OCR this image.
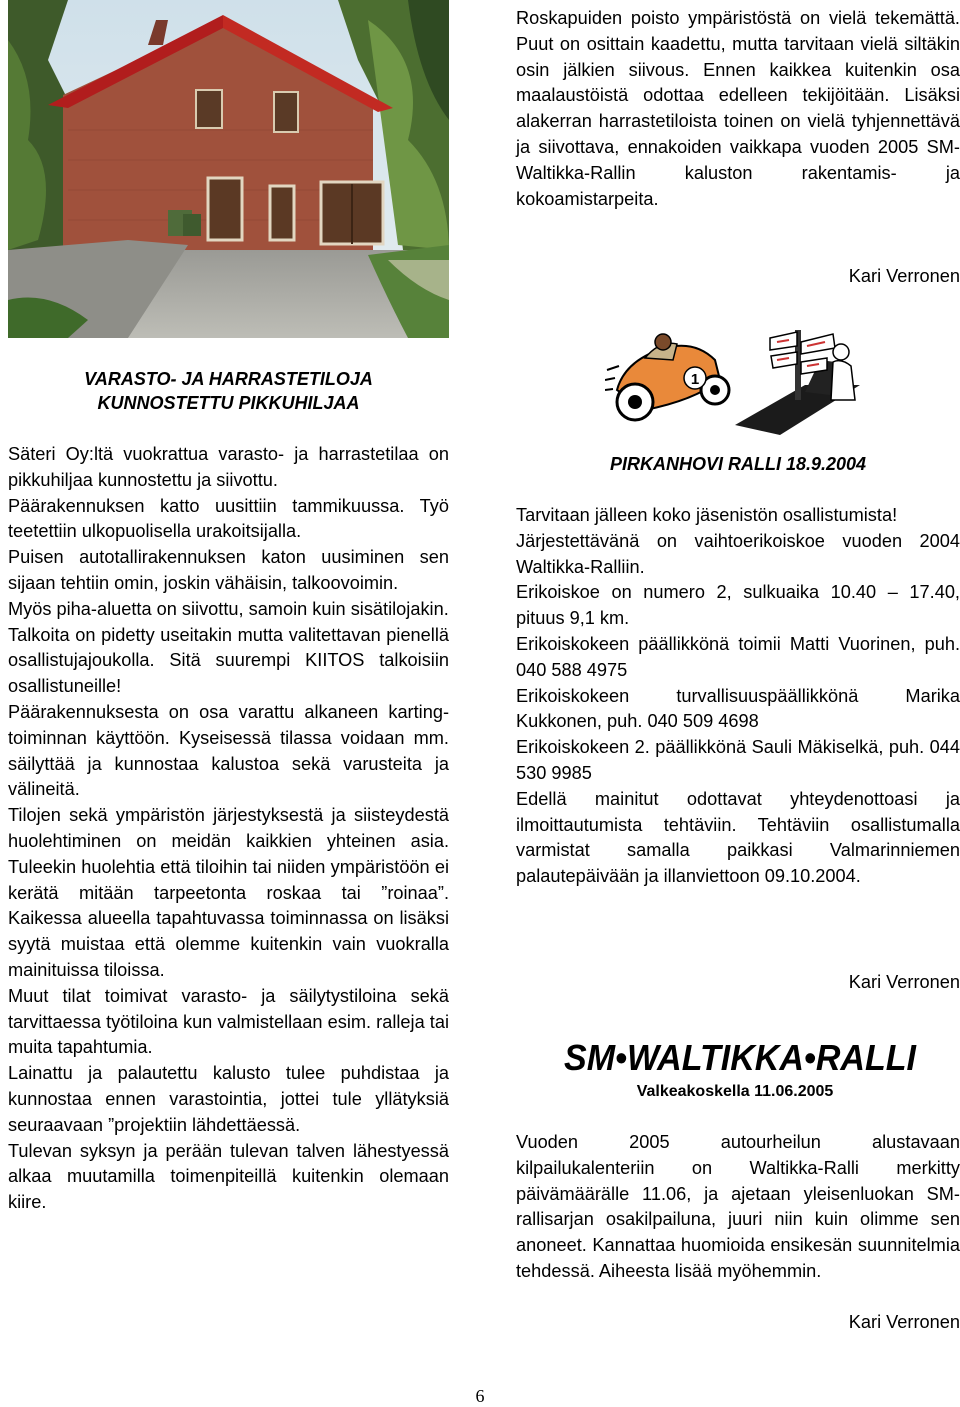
Roskapuiden poisto ympäristöstä on vielä tekemättä. Puut on osittain kaadettu, mutta tarvitaan vielä siltäkin osin jälkien siivous. Ennen kaikkea kuitenkin osa maalaustöistä odottaa edelleen tekijöitään. Lisäksi alakerran harrastetiloista toinen on vielä tyhjennettävä ja siivottava, ennakoiden vaikkapa vuoden 2005 SM-Waltikka-Rallin kaluston rakentamis- ja kokoamistarpeita.

Kari Verronen
VARASTO- JA HARRASTETILOJA
KUNNOSTETTU PIKKUHILJAA

Säteri Oy:ltä vuokrattua varasto- ja harrastetilaa on pikkuhiljaa kunnostettu ja siivottu.

Päärakennuksen katto uusittiin tammikuussa. Työ teetettiin ulkopuolisella urakoitsijalla.

Puisen autotallirakennuksen katon uusiminen sen sijaan tehtiin omin, joskin vähäisin, talkoovoimin.

Myös piha-aluetta on siivottu, samoin kuin sisätilojakin.

Talkoita on pidetty useitakin mutta valitettavan pienellä osallistujajoukolla. Sitä suurempi KIITOS talkoisiin osallistuneille!

Päärakennuksesta on osa varattu alkaneen karting-toiminnan käyttöön. Kyseisessä tilassa voidaan mm. säilyttää ja kunnostaa kalustoa sekä varusteita ja välineitä.

Tilojen sekä ympäristön järjestyksestä ja siisteydestä huolehtiminen on meidän kaikkien yhteinen asia. Tuleekin huolehtia että tiloihin tai niiden ympäristöön ei kerätä mitään tarpeetonta roskaa tai ”roinaa”. Kaikessa alueella tapahtuvassa toiminnassa on lisäksi syytä muistaa että olemme kuitenkin vain vuokralla mainituissa tiloissa.

Muut tilat toimivat varasto- ja säilytystiloina sekä tarvittaessa työtiloina kun valmistellaan esim. ralleja tai muita tapahtumia.

Lainattu ja palautettu kalusto tulee puhdistaa ja kunnostaa ennen varastointia, jottei tule yllätyksiä seuraavaan ”projektiin lähdettäessä.

Tulevan syksyn ja perään tulevan talven lähestyessä alkaa muutamilla toimenpiteillä kuitenkin olemaan kiire.

1
PIRKANHOVI RALLI 18.9.2004

Tarvitaan jälleen koko jäsenistön osallistumista!

Järjestettävänä on vaihtoerikoiskoe vuoden 2004 Waltikka-Ralliin.

Erikoiskoe on numero 2, sulkuaika 10.40 – 17.40, pituus 9,1 km.

Erikoiskokeen päällikkönä toimii Matti Vuorinen, puh. 040 588 4975

Erikoiskokeen turvallisuuspäällikkönä Marika Kukkonen, puh. 040 509 4698

Erikoiskokeen 2. päällikkönä Sauli Mäkiselkä, puh. 044 530 9985

Edellä mainitut odottavat yhteydenottoasi ja ilmoittautumista tehtäviin. Tehtäviin osallistumalla varmistat samalla paikkasi Valmarinniemen palautepäivään ja illanviettoon 09.10.2004.

Kari Verronen
SM•WALTIKKA•RALLI
Valkeakoskella 11.06.2005

Vuoden 2005 autourheilun alustavaan kilpailukalenteriin on Waltikka-Ralli merkitty päivämäärälle 11.06, ja ajetaan yleisenluokan SM-rallisarjan osakilpailuna, juuri niin kuin olimme sen anoneet. Kannattaa huomioida ensikesän suunnitelmia tehdessä. Aiheesta lisää myöhemmin.

Kari Verronen
6
